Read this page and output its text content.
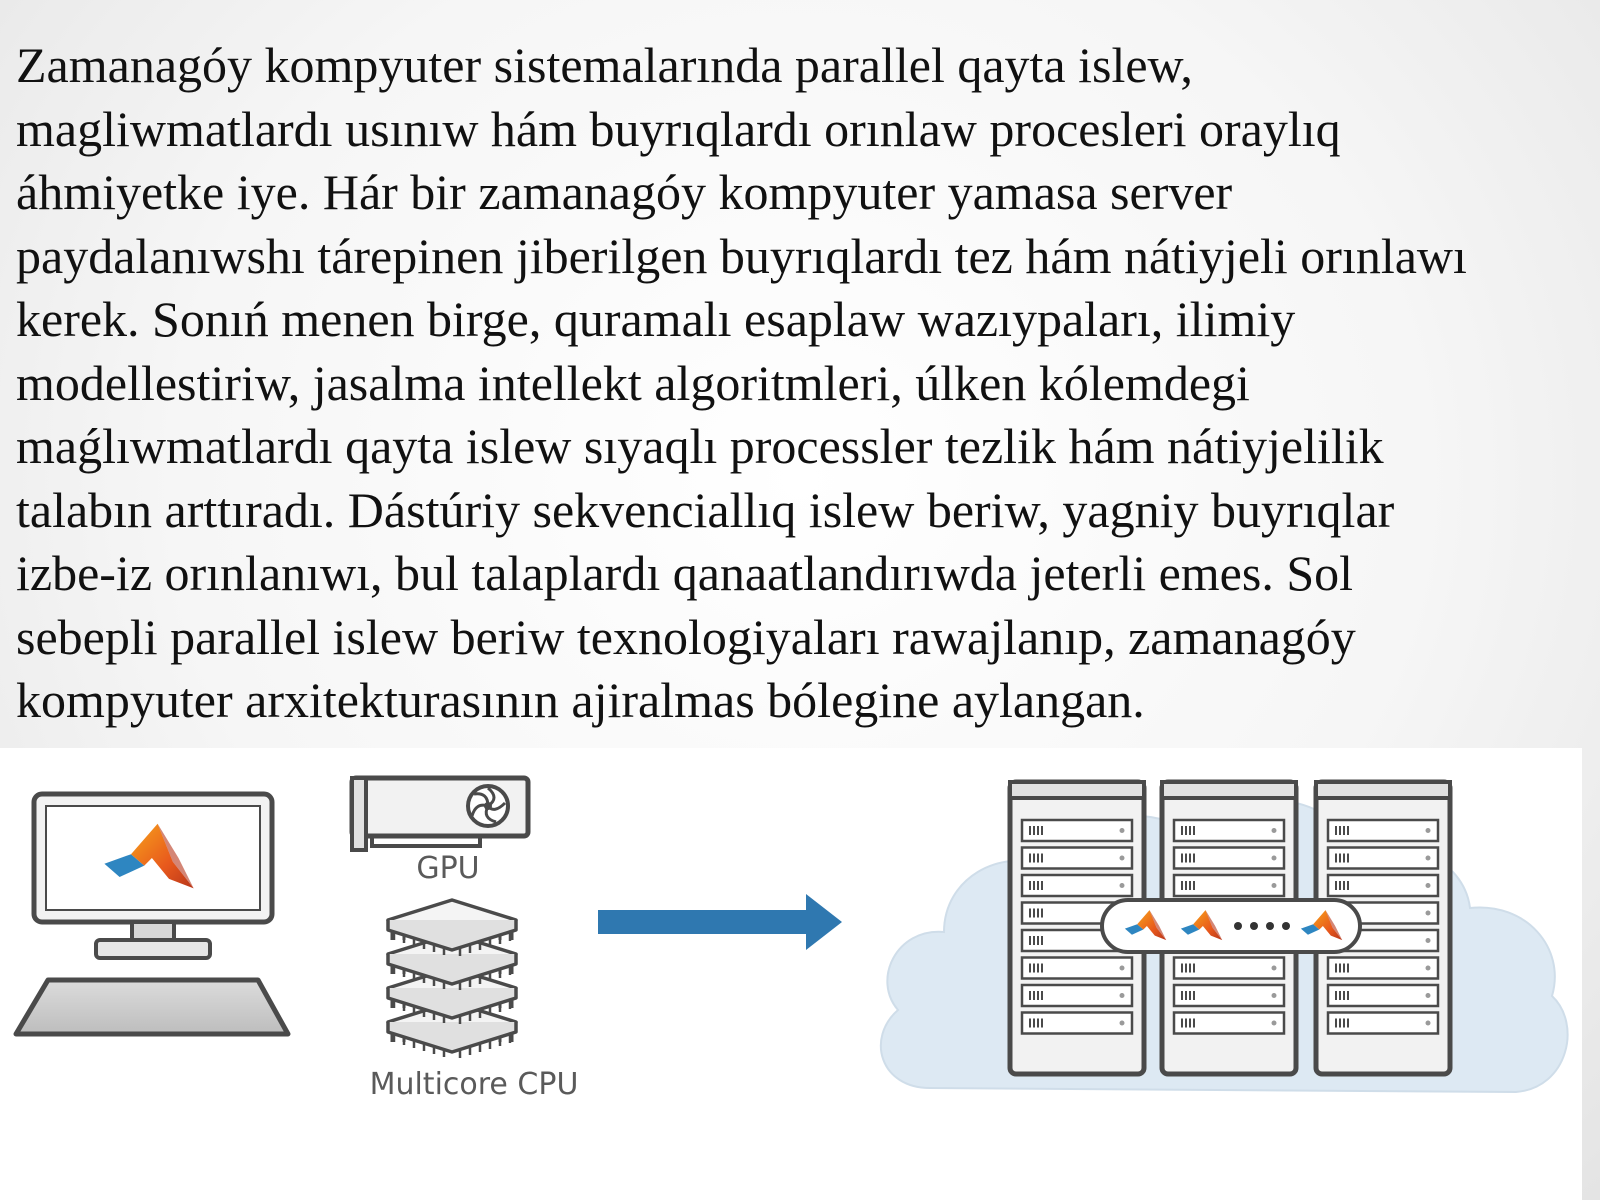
Zamanagóy kompyuter sistemalarında parallel qayta islew,
magliwmatlardı usınıw hám buyrıqlardı orınlaw procesleri oraylıq
áhmiyetke iye. Hár bir zamanagóy kompyuter yamasa server
paydalanıwshı tárepinen jiberilgen buyrıqlardı tez hám nátiyjeli orınlawı
kerek. Sonıń menen birge, quramalı esaplaw wazıypaları, ilimiy
modellestiriw, jasalma intellekt algoritmleri, úlken kólemdegi
maǵlıwmatlardı qayta islew sıyaqlı processler tezlik hám nátiyjelilik
talabın arttıradı. Dástúriy sekvenciallıq islew beriw, yagniy buyrıqlar
izbe-iz orınlanıwı, bul talaplardı qanaatlandırıwda jeterli emes. Sol
sebepli parallel islew beriw texnologiyaları rawajlanıp, zamanagóy
kompyuter arxitekturasının ajiralmas bólegine aylangan.
GPU
Multicore CPU
